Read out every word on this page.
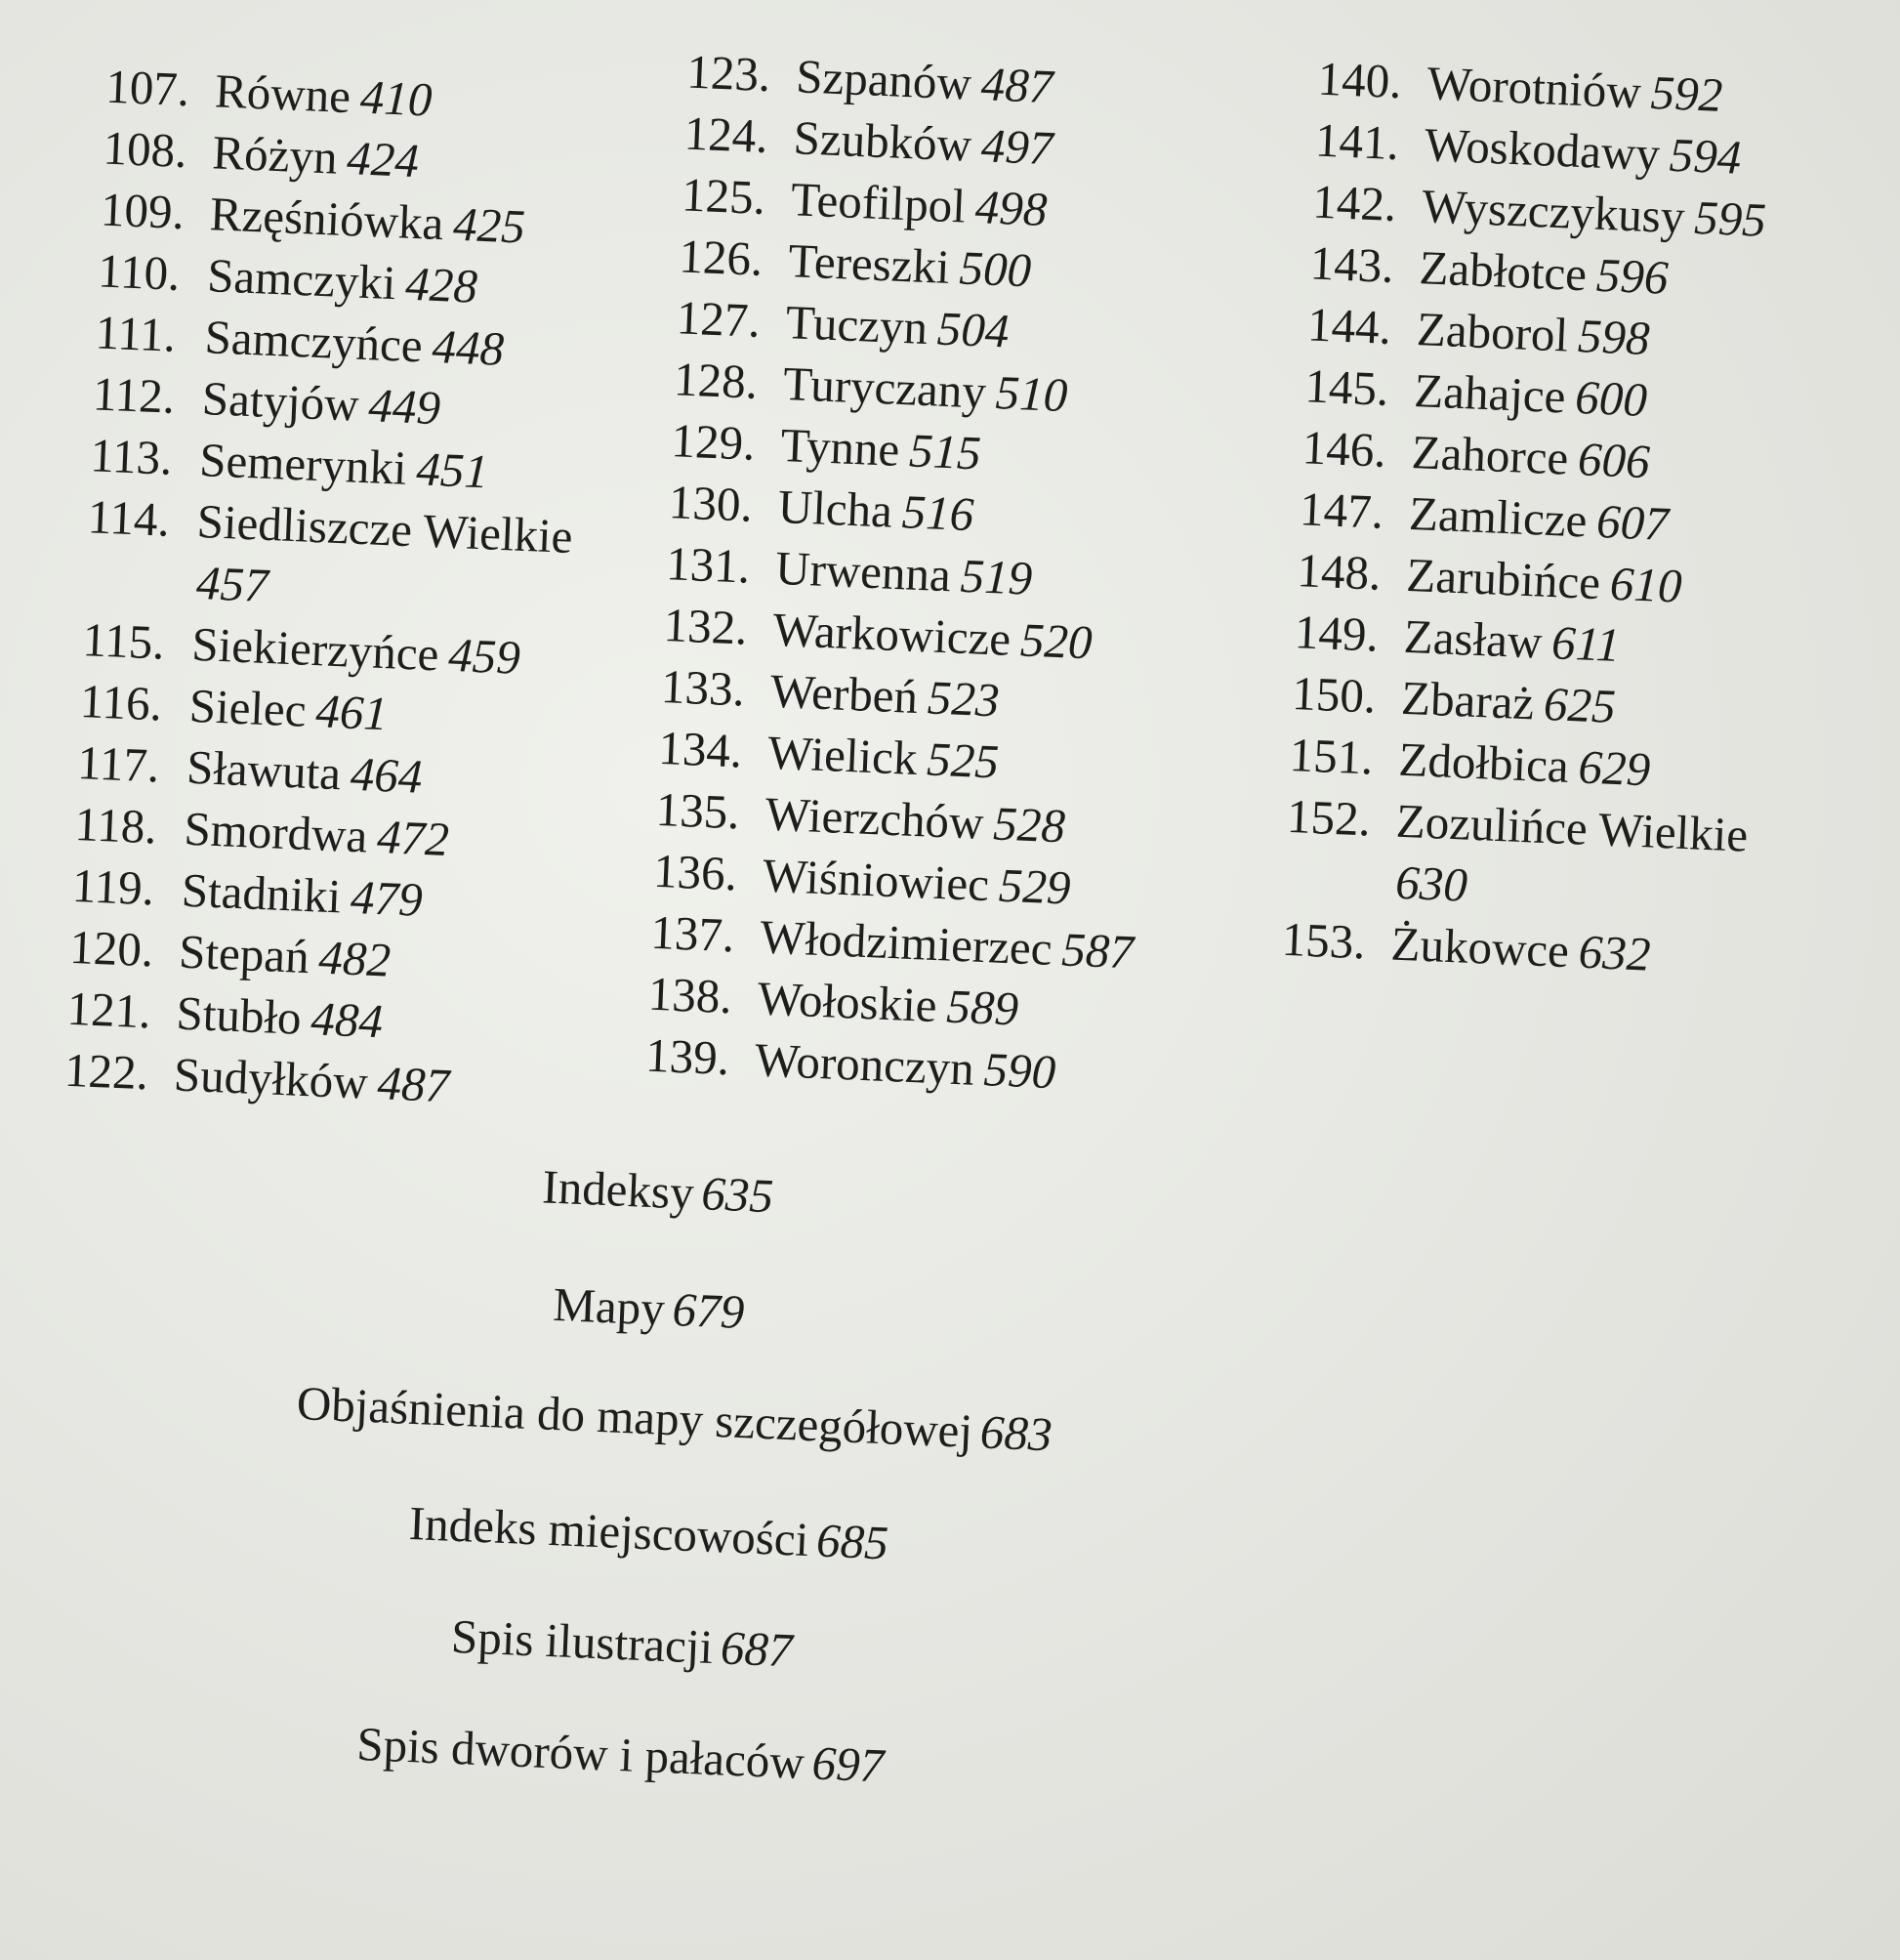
107. Równe 410
108. Różyn 424
109. Rzęśniówka 425
110. Samczyki 428
111. Samczyńce 448
112. Satyjów 449
113. Semerynki 451
114. Siedliszcze Wielkie
457
115. Siekierzyńce 459
116. Sielec 461
117. Sławuta 464
118. Smordwa 472
119. Stadniki 479
120. Stepań 482
121. Stubło 484
122. Sudyłków 487
123. Szpanów 487
124. Szubków 497
125. Teofilpol 498
126. Tereszki 500
127. Tuczyn 504
128. Turyczany 510
129. Tynne 515
130. Ulcha 516
131. Urwenna 519
132. Warkowicze 520
133. Werbeń 523
134. Wielick 525
135. Wierzchów 528
136. Wiśniowiec 529
137. Włodzimierzec 587
138. Wołoskie 589
139. Woronczyn 590
140. Worotniów 592
141. Woskodawy 594
142. Wyszczykusy 595
143. Zabłotce 596
144. Zaborol 598
145. Zahajce 600
146. Zahorce 606
147. Zamlicze 607
148. Zarubińce 610
149. Zasław 611
150. Zbaraż 625
151. Zdołbica 629
152. Zozulińce Wielkie
630
153. Żukowce 632
Indeksy 635
Mapy 679
Objaśnienia do mapy szczegółowej 683
Indeks miejscowości 685
Spis ilustracji 687
Spis dworów i pałaców 697
